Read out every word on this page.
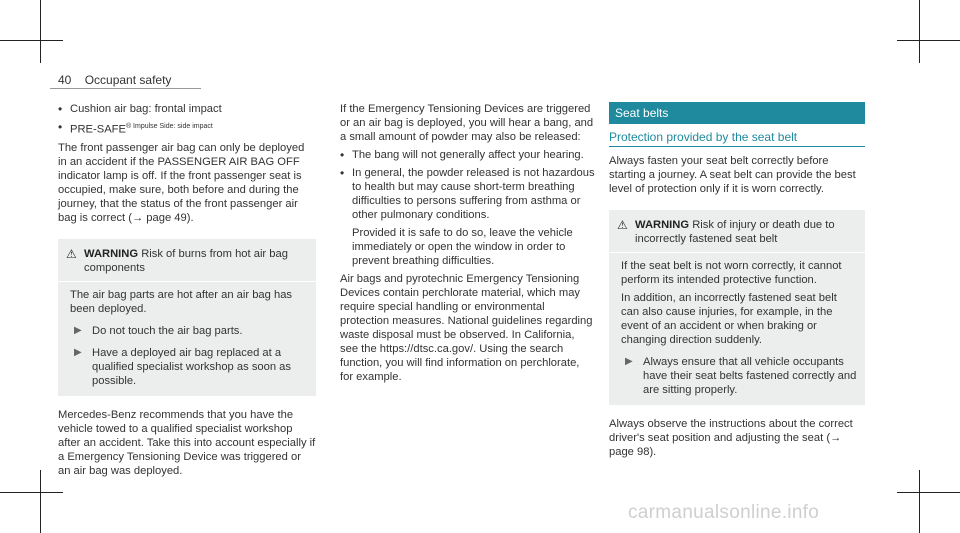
40 Occupant safety
• Cushion air bag: frontal impact
• PRE-$SAFE^{® Impulse Side: side impact}$

The front passenger air bag can only be deployed in an accident if the PASSENGER AIR BAG OFF indicator lamp is off. If the front passenger seat is occupied, make sure, both before and during the journey, that the status of the front passenger air bag is correct (→ page 49).

⚠ WARNING Risk of burns from hot air bag components

The air bag parts are hot after an air bag has been deployed.

▶ Do not touch the air bag parts.
▶ Have a deployed air bag replaced at a qualified specialist workshop as soon as possible.

Mercedes-Benz recommends that you have the vehicle towed to a qualified specialist workshop after an accident. Take this into account especially if a Emergency Tensioning Device was triggered or an air bag was deployed.

If the Emergency Tensioning Devices are triggered or an air bag is deployed, you will hear a bang, and a small amount of powder may also be released:

• The bang will not generally affect your hearing.
• In general, the powder released is not hazardous to health but may cause short-term breathing difficulties to persons suffering from asthma or other pulmonary conditions.

Provided it is safe to do so, leave the vehicle immediately or open the window in order to prevent breathing difficulties.

Air bags and pyrotechnic Emergency Tensioning Devices contain perchlorate material, which may require special handling or environmental protection measures. National guidelines regarding waste disposal must be observed. In California, see the https://dtsc.ca.gov/. Using the search function, you will find information on perchlorate, for example.

Seat belts
Protection provided by the seat belt

Always fasten your seat belt correctly before starting a journey. A seat belt can provide the best level of protection only if it is worn correctly.

⚠ WARNING Risk of injury or death due to incorrectly fastened seat belt

If the seat belt is not worn correctly, it cannot perform its intended protective function.

In addition, an incorrectly fastened seat belt can also cause injuries, for example, in the event of an accident or when braking or changing direction suddenly.

▶ Always ensure that all vehicle occupants have their seat belts fastened correctly and are sitting properly.

Always observe the instructions about the correct driver's seat position and adjusting the seat (→ page 98).

carmanualsonline.info
